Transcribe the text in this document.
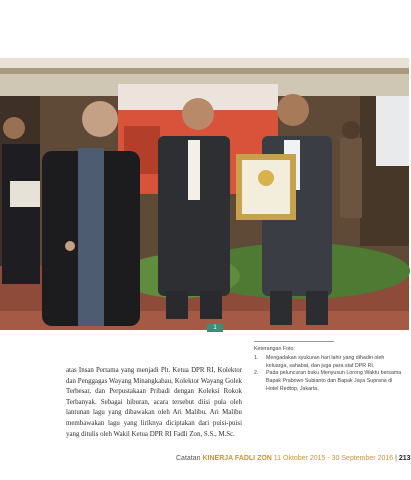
1
Keterangan Foto:
1.	Mengadakan syukuran hari lahir yang dihadiri oleh keluarga, sahabat, dan juga para staf DPR RI.
2.	Pada peluncuran buku Menyusun Lorong Waktu bersama Bapak Prabowo Subianto dan Bapak Jaya Suprana di Hotel Redtop, Jakarta.
atas Insan Pertama yang menjadi Plt. Ketua DPR RI, Kolektor dan Penggagas Wayang Minangkabau, Kolektor Wayang Golek Terbesar, dan Perpustakaan Pribadi dengan Koleksi Rokok Terbanyak. Sebagai hiburan, acara tersebut diisi pula oleh lantunan lagu yang dibawakan oleh Ari Malibu. Ari Malibu membawakan lagu yang liriknya diciptakan dari puisi-puisi yang ditulis oleh Wakil Ketua DPR RI Fadli Zon, S.S., M.Sc.
Catatan KINERJA FADLI ZON 11 Oktober 2015 - 30 September 2016 | 213
